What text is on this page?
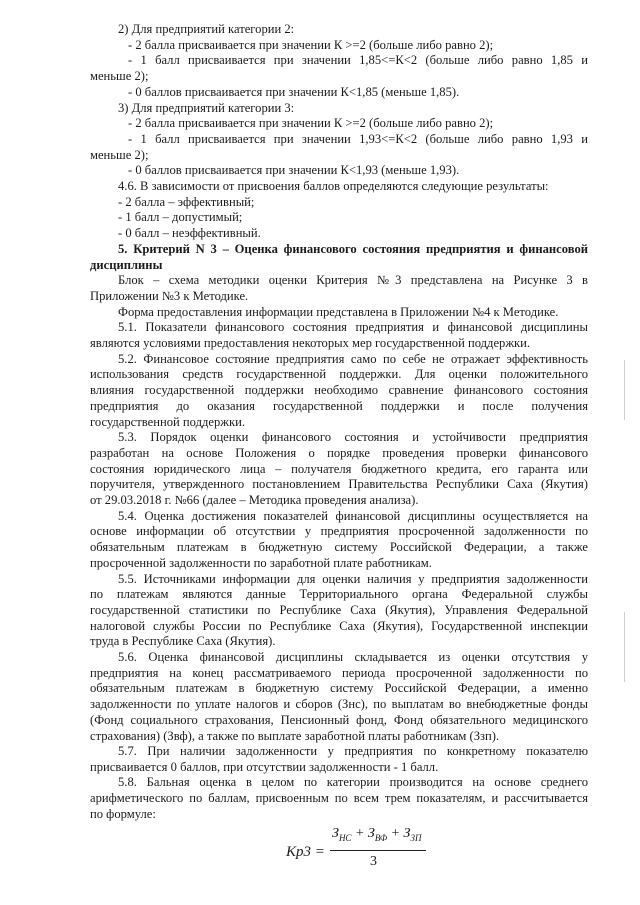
2) Для предприятий категории 2:
- 2 балла присваивается при значении К >=2 (больше либо равно 2);
- 1 балл присваивается при значении 1,85<=К<2 (больше либо равно 1,85 и
меньше 2);
- 0 баллов присваивается при значении К<1,85 (меньше 1,85).
3) Для предприятий категории 3:
- 2 балла присваивается при значении К >=2 (больше либо равно 2);
- 1 балл присваивается при значении 1,93<=К<2 (больше либо равно 1,93 и
меньше 2);
- 0 баллов присваивается при значении К<1,93 (меньше 1,93).
4.6. В зависимости от присвоения баллов определяются следующие результаты:
- 2 балла – эффективный;
- 1 балл – допустимый;
- 0 балл – неэффективный.
5. Критерий N 3 – Оценка финансового состояния предприятия и финансовой
дисциплины
Блок – схема методики оценки Критерия №3 представлена на Рисунке 3 в
Приложении №3 к Методике.
Форма предоставления информации представлена в Приложении №4 к Методике.
5.1. Показатели финансового состояния предприятия и финансовой дисциплины
являются условиями предоставления некоторых мер государственной поддержки.
5.2. Финансовое состояние предприятия само по себе не отражает эффективность
использования средств государственной поддержки. Для оценки положительного
влияния государственной поддержки необходимо сравнение финансового состояния
предприятия до оказания государственной поддержки и после получения
государственной поддержки.
5.3. Порядок оценки финансового состояния и устойчивости предприятия
разработан на основе Положения о порядке проведения проверки финансового
состояния юридического лица – получателя бюджетного кредита, его гаранта или
поручителя, утвержденного постановлением Правительства Республики Саха (Якутия)
от 29.03.2018 г. №66 (далее – Методика проведения анализа).
5.4. Оценка достижения показателей финансовой дисциплины осуществляется на
основе информации об отсутствии у предприятия просроченной задолженности по
обязательным платежам в бюджетную систему Российской Федерации, а также
просроченной задолженности по заработной плате работникам.
5.5. Источниками информации для оценки наличия у предприятия задолженности
по платежам являются данные Территориального органа Федеральной службы
государственной статистики по Республике Саха (Якутия), Управления Федеральной
налоговой службы России по Республике Саха (Якутия), Государственной инспекции
труда в Республике Саха (Якутия).
5.6. Оценка финансовой дисциплины складывается из оценки отсутствия у
предприятия на конец рассматриваемого периода просроченной задолженности по
обязательным платежам в бюджетную систему Российской Федерации, а именно
задолженности по уплате налогов и сборов (Знс), по выплатам во внебюджетные фонды
(Фонд социального страхования, Пенсионный фонд, Фонд обязательного медицинского
страхования) (Звф), а также по выплате заработной платы работникам (Ззп).
5.7. При наличии задолженности у предприятия по конкретному показателю
присваивается 0 баллов, при отсутствии задолженности - 1 балл.
5.8. Бальная оценка в целом по категории производится на основе среднего
арифметического по баллам, присвоенным по всем трем показателям, и рассчитывается
по формуле:
Кр3 =
$З_{НС} + З_{ВФ} + З_{ЗП}$
3
